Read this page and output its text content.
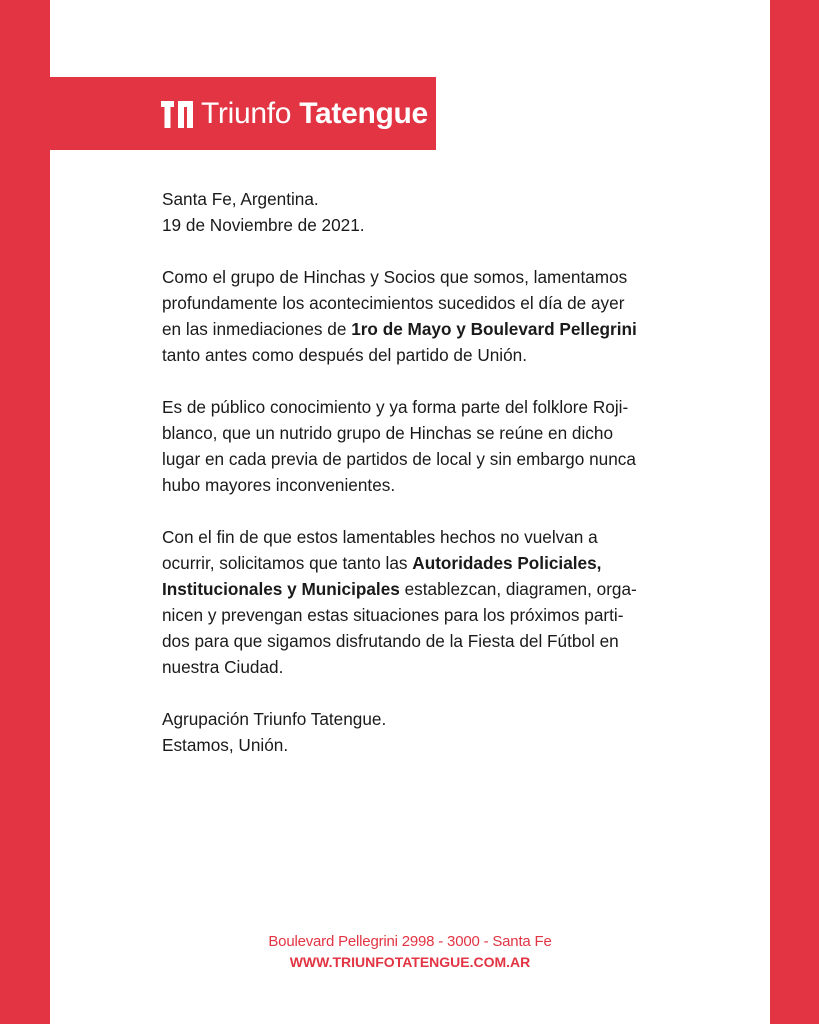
Triunfo Tatengue

Santa Fe, Argentina.

19 de Noviembre de 2021.

Como el grupo de Hinchas y Socios que somos, lamentamos
profundamente los acontecimientos sucedidos el día de ayer
en las inmediaciones de 1ro de Mayo y Boulevard Pellegrini
tanto antes como después del partido de Unión.

Es de público conocimiento y ya forma parte del folklore Roji-
blanco, que un nutrido grupo de Hinchas se reúne en dicho
lugar en cada previa de partidos de local y sin embargo nunca
hubo mayores inconvenientes.

Con el fin de que estos lamentables hechos no vuelvan a
ocurrir, solicitamos que tanto las Autoridades Policiales,
Institucionales y Municipales establezcan, diagramen, orga-
nicen y prevengan estas situaciones para los próximos parti-
dos para que sigamos disfrutando de la Fiesta del Fútbol en
nuestra Ciudad.

Agrupación Triunfo Tatengue.

Estamos, Unión.

Boulevard Pellegrini 2998 - 3000 - Santa Fe
WWW.TRIUNFOTATENGUE.COM.AR
